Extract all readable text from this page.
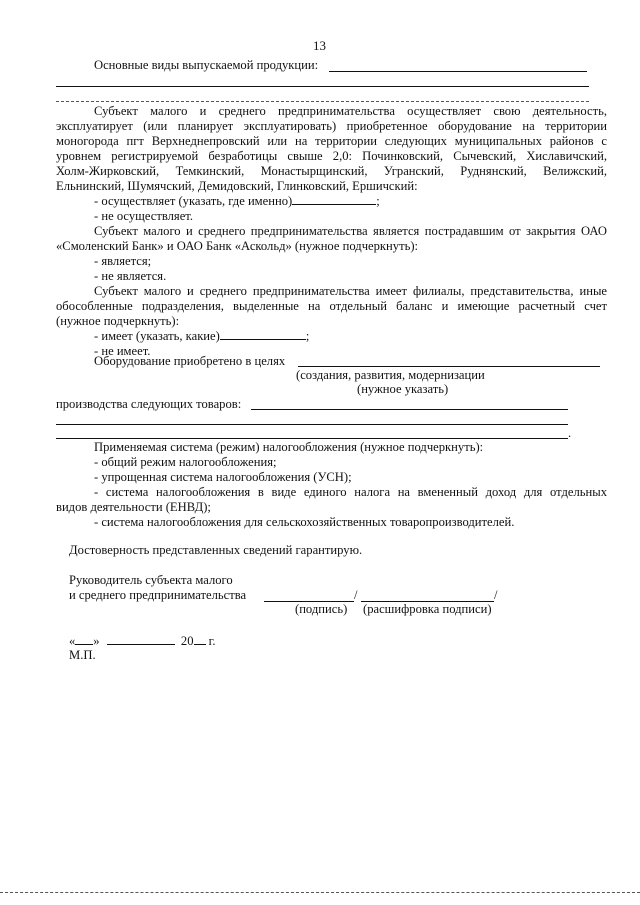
13
Основные виды выпускаемой продукции:
Субъект малого и среднего предпринимательства осуществляет свою деятельность,
эксплуатирует (или планирует эксплуатировать) приобретенное оборудование на территории
моногорода пгт Верхнеднепровский или на территории следующих муниципальных районов с
уровнем регистрируемой безработицы свыше 2,0: Починковский, Сычевский, Хиславичский,
Холм-Жирковский, Темкинский, Монастырщинский, Угранский, Руднянский, Велижский,
Ельнинский, Шумячский, Демидовский, Глинковский, Ершичский:
- осуществляет (указать, где именно)	;
- не осуществляет.
Субъект малого и среднего предпринимательства является пострадавшим от закрытия ОАО
«Смоленский Банк» и ОАО Банк «Аскольд» (нужное подчеркнуть):
- является;
- не является.
Субъект малого и среднего предпринимательства имеет филиалы, представительства, иные
обособленные подразделения, выделенные на отдельный баланс и имеющие расчетный счет
(нужное подчеркнуть):
- имеет (указать, какие)	;
- не имеет.
Оборудование приобретено в целях
(создания, развития, модернизации
(нужное указать)
производства следующих товаров:
.
Применяемая система (режим) налогообложения (нужное подчеркнуть):
- общий режим налогообложения;
- упрощенная система налогообложения (УСН);
- система налогообложения в виде единого налога на вмененный доход для отдельных
видов деятельности (ЕНВД);
- система налогообложения для сельскохозяйственных товаропроизводителей.
Достоверность представленных сведений гарантирую.
Руководитель субъекта малого
и среднего предпринимательства	/	/
(подпись) (расшифровка подписи)
« »	20 г.
М.П.
